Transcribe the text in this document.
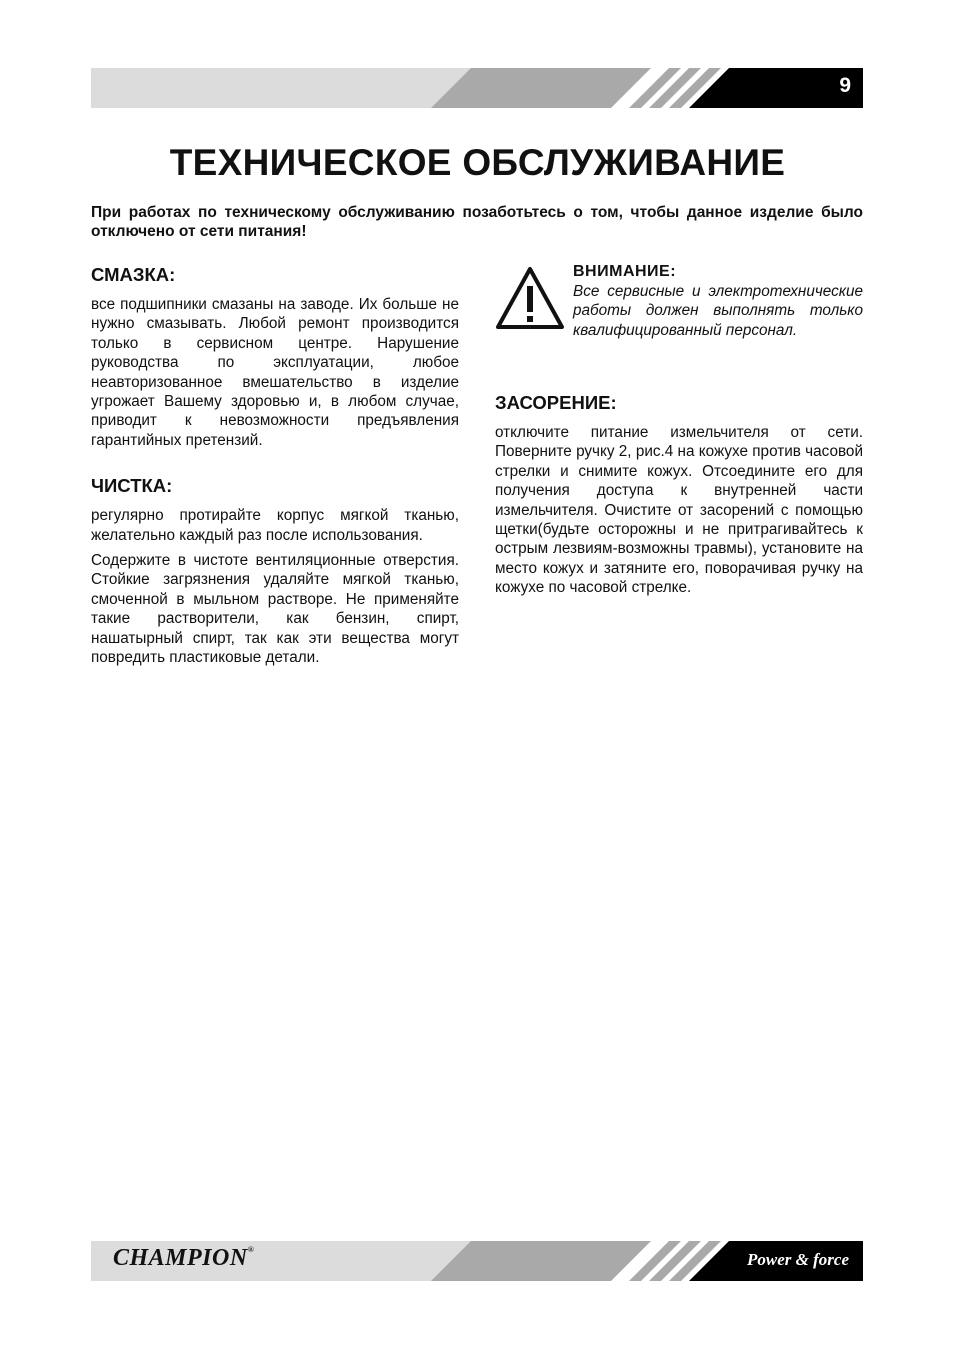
9
ТЕХНИЧЕСКОЕ ОБСЛУЖИВАНИЕ

При работах по техническому обслуживанию позаботьтесь о том, чтобы данное изделие было отключено от сети питания!

СМАЗКА:

все подшипники смазаны на заводе. Их больше не нужно смазывать. Любой ремонт производится только в сервисном центре. Нарушение руководства по эксплуатации, любое неавторизованное вмешательство в изделие угрожает Вашему здоровью и, в любом случае, приводит к невозможности предъявления гарантийных претензий.

ЧИСТКА:

регулярно протирайте корпус мягкой тканью, желательно каждый раз после использования.

Содержите в чистоте вентиляционные отверстия. Стойкие загрязнения удаляйте мягкой тканью, смоченной в мыльном растворе. Не применяйте такие растворители, как бензин, спирт, нашатырный спирт, так как эти вещества могут повредить пластиковые детали.

ВНИМАНИЕ:

Все сервисные и электротехнические работы должен выполнять только квалифицированный персонал.

ЗАСОРЕНИЕ:

отключите питание измельчителя от сети. Поверните ручку 2, рис.4 на кожухе против часовой стрелки и снимите кожух. Отсоедините его для получения доступа к внутренней части измельчителя. Очистите от засорений с помощью щетки(будьте осторожны и не притрагивайтесь к острым лезвиям-возможны травмы), установите на место кожух и затяните его, поворачивая ручку на кожухе по часовой стрелке.

CHAMPION®
Power & force
